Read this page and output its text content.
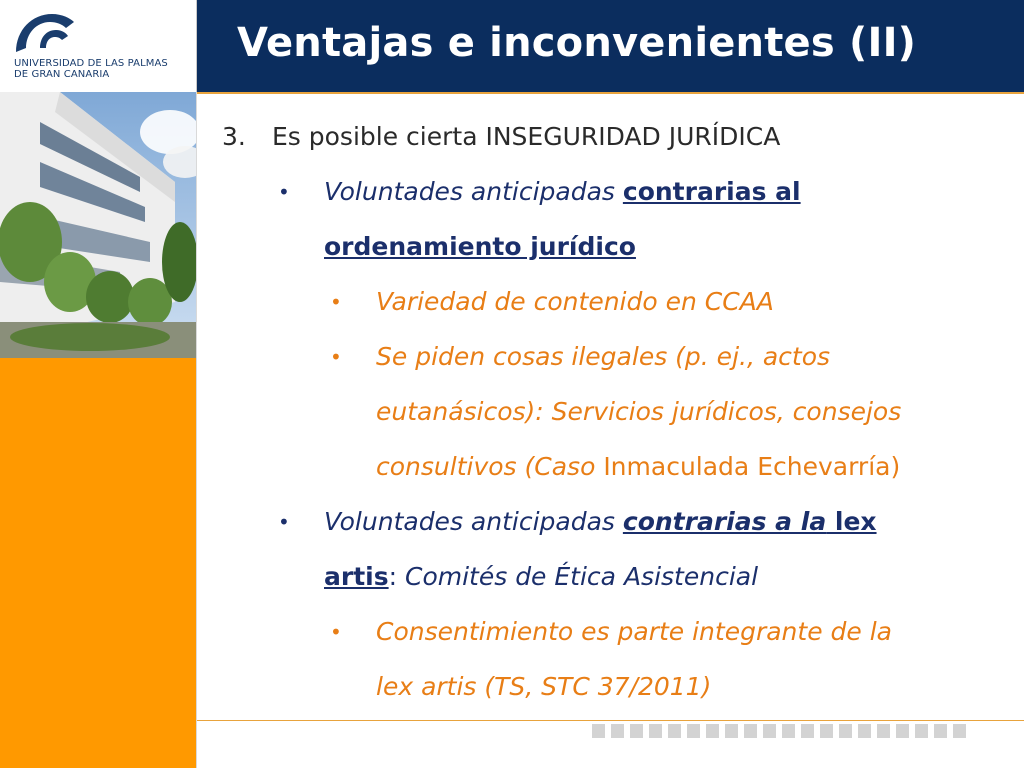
UNIVERSIDAD DE LAS PALMAS
DE GRAN CANARIA
Ventajas e inconvenientes (II)
3. Es posible cierta INSEGURIDAD JURÍDICA
• Voluntades anticipadas contrarias al
ordenamiento jurídico
• Variedad de contenido en CCAA
• Se piden cosas ilegales (p. ej., actos
eutanásicos): Servicios jurídicos, consejos
consultivos (Caso Inmaculada Echevarría)
• Voluntades anticipadas contrarias a la lex
artis: Comités de Ética Asistencial
• Consentimiento es parte integrante de la
lex artis (TS, STC 37/2011)
